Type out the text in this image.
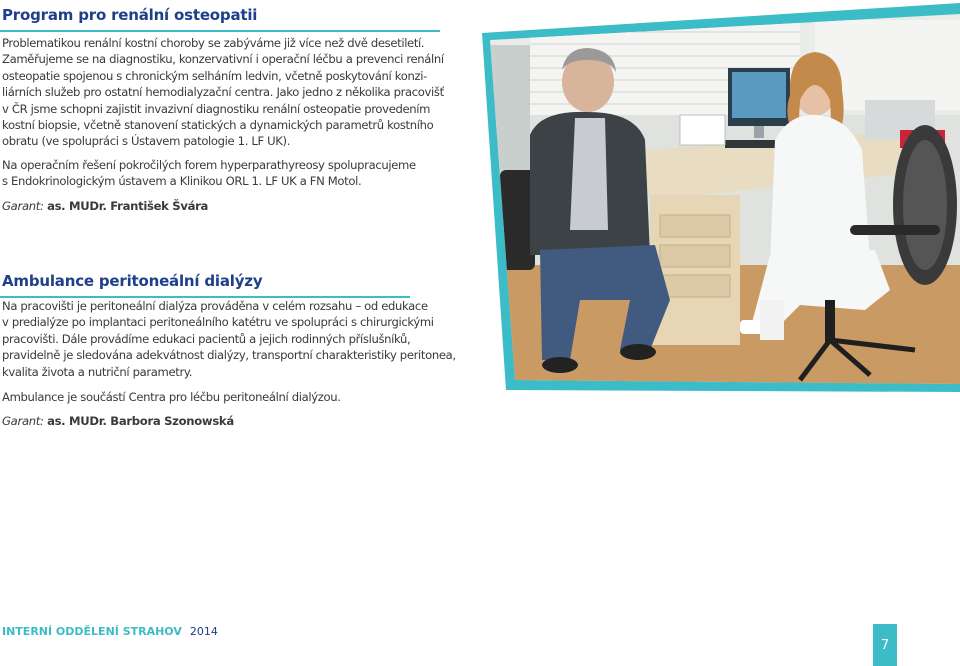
Program pro renální osteopatii
Problematikou renální kostní choroby se zabýváme již více než dvě desetiletí.
Zaměřujeme se na diagnostiku, konzervativní i operační léčbu a prevenci renální
osteopatie spojenou s chronickým selháním ledvin, včetně poskytování konzi-
liárních služeb pro ostatní hemodialyzační centra. Jako jedno z několika pracovišť
v ČR jsme schopni zajistit invazivní diagnostiku renální osteopatie provedením
kostní biopsie, včetně stanovení statických a dynamických parametrů kostního
obratu (ve spolupráci s Ústavem patologie 1. LF UK).
Na operačním řešení pokročilých forem hyperparathyreosy spolupracujeme
s Endokrinologickým ústavem a Klinikou ORL 1. LF UK a FN Motol.

Garant: as. MUDr. František Švára

Ambulance peritoneální dialýzy
Na pracovišti je peritoneální dialýza prováděna v celém rozsahu – od edukace
v predialýze po implantaci peritoneálního katétru ve spolupráci s chirurgickými
pracovišti. Dále provádíme edukaci pacientů a jejich rodinných příslušníků,
pravidelně je sledována adekvátnost dialýzy, transportní charakteristiky peritonea,
kvalita života a nutriční parametry.
Ambulance je součástí Centra pro léčbu peritoneální dialýzou.

Garant: as. MUDr. Barbora Szonowská

INTERNÍ ODDĚLENÍ STRAHOV 2014

7
